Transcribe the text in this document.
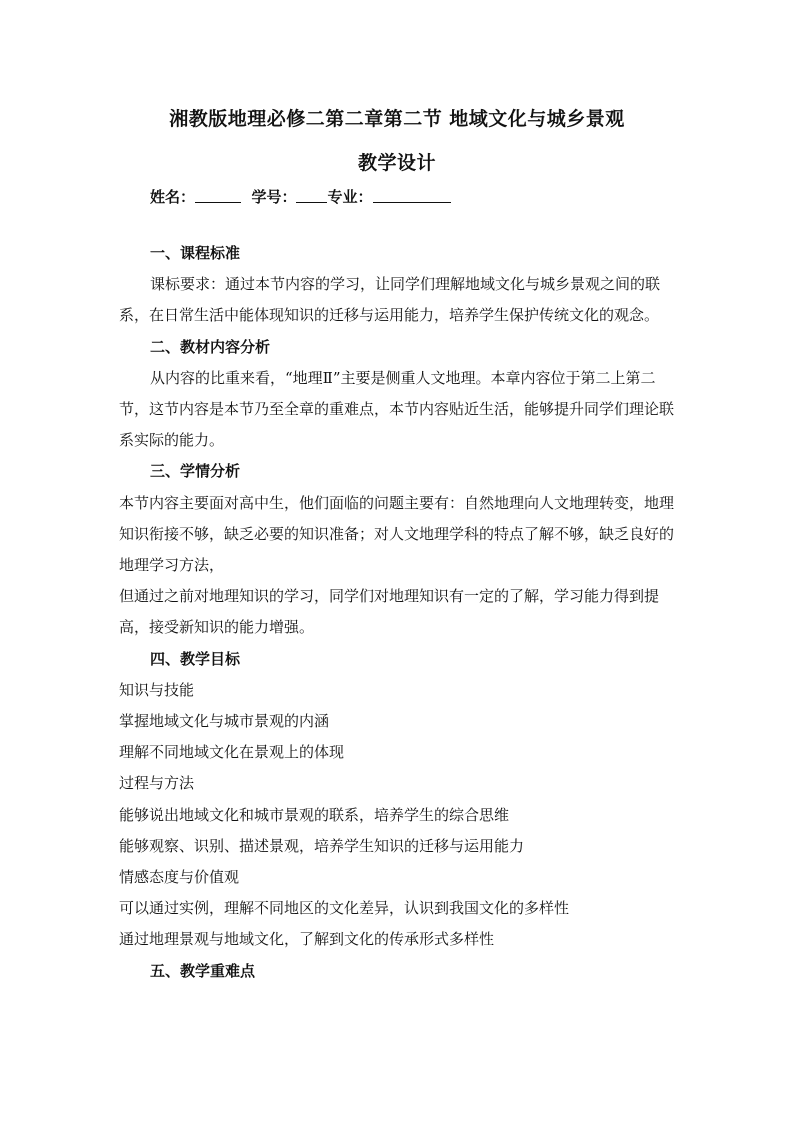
湘教版地理必修二第二章第二节 地域文化与城乡景观
教学设计
姓名：	学号： 专业：

一、课程标准

课标要求：通过本节内容的学习，让同学们理解地域文化与城乡景观之间的联系，在日常生活中能体现知识的迁移与运用能力，培养学生保护传统文化的观念。

二、教材内容分析

从内容的比重来看，“地理Ⅱ”主要是侧重人文地理。本章内容位于第二上第二节，这节内容是本节乃至全章的重难点，本节内容贴近生活，能够提升同学们理论联系实际的能力。

三、学情分析

本节内容主要面对高中生，他们面临的问题主要有：自然地理向人文地理转变，地理知识衔接不够，缺乏必要的知识准备；对人文地理学科的特点了解不够，缺乏良好的地理学习方法，

但通过之前对地理知识的学习，同学们对地理知识有一定的了解，学习能力得到提高，接受新知识的能力增强。

四、教学目标

知识与技能

掌握地域文化与城市景观的内涵

理解不同地域文化在景观上的体现

过程与方法

能够说出地域文化和城市景观的联系，培养学生的综合思维

能够观察、识别、描述景观，培养学生知识的迁移与运用能力

情感态度与价值观

可以通过实例，理解不同地区的文化差异，认识到我国文化的多样性

通过地理景观与地域文化，了解到文化的传承形式多样性

五、教学重难点
